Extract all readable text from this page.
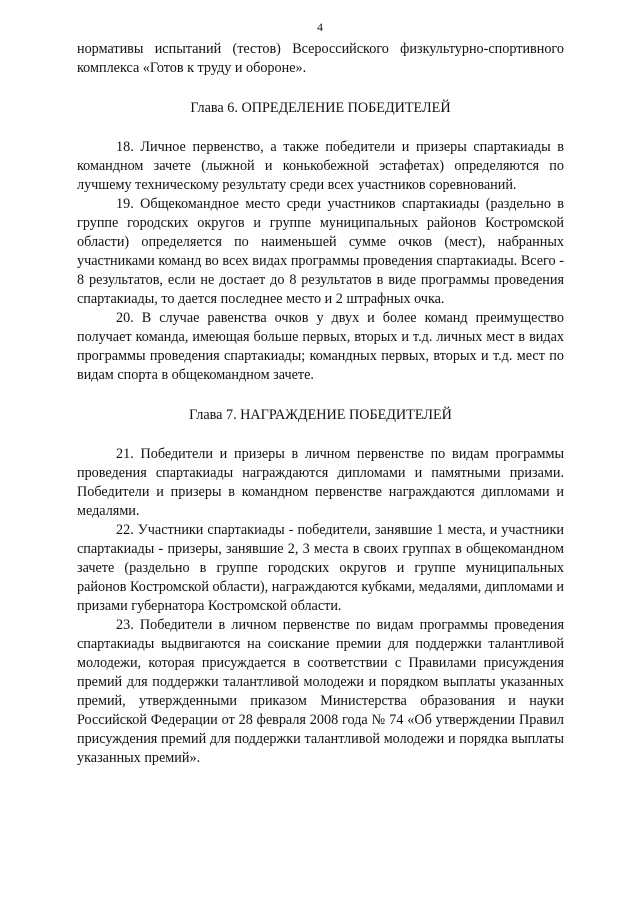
4

нормативы испытаний (тестов) Всероссийского физкультурно-спортивного комплекса «Готов к труду и обороне».

Глава 6. ОПРЕДЕЛЕНИЕ ПОБЕДИТЕЛЕЙ

18. Личное первенство, а также победители и призеры спартакиады в командном зачете (лыжной и конькобежной эстафетах) определяются по лучшему техническому результату среди всех участников соревнований.

19. Общекомандное место среди участников спартакиады (раздельно в группе городских округов и группе муниципальных районов Костромской области) определяется по наименьшей сумме очков (мест), набранных участниками команд во всех видах программы проведения спартакиады. Всего - 8 результатов, если не достает до 8 результатов в виде программы проведения спартакиады, то дается последнее место и 2 штрафных очка.

20. В случае равенства очков у двух и более команд преимущество получает команда, имеющая больше первых, вторых и т.д. личных мест в видах программы проведения спартакиады; командных первых, вторых и т.д. мест по видам спорта в общекомандном зачете.

Глава 7. НАГРАЖДЕНИЕ ПОБЕДИТЕЛЕЙ

21. Победители и призеры в личном первенстве по видам программы проведения спартакиады награждаются дипломами и памятными призами. Победители и призеры в командном первенстве награждаются дипломами и медалями.

22. Участники спартакиады - победители, занявшие 1 места, и участники спартакиады - призеры, занявшие 2, 3 места в своих группах в общекомандном зачете (раздельно в группе городских округов и группе муниципальных районов Костромской области), награждаются кубками, медалями, дипломами и призами губернатора Костромской области.

23. Победители в личном первенстве по видам программы проведения спартакиады выдвигаются на соискание премии для поддержки талантливой молодежи, которая присуждается в соответствии с Правилами присуждения премий для поддержки талантливой молодежи и порядком выплаты указанных премий, утвержденными приказом Министерства образования и науки Российской Федерации от 28 февраля 2008 года № 74 «Об утверждении Правил присуждения премий для поддержки талантливой молодежи и порядка выплаты указанных премий».
